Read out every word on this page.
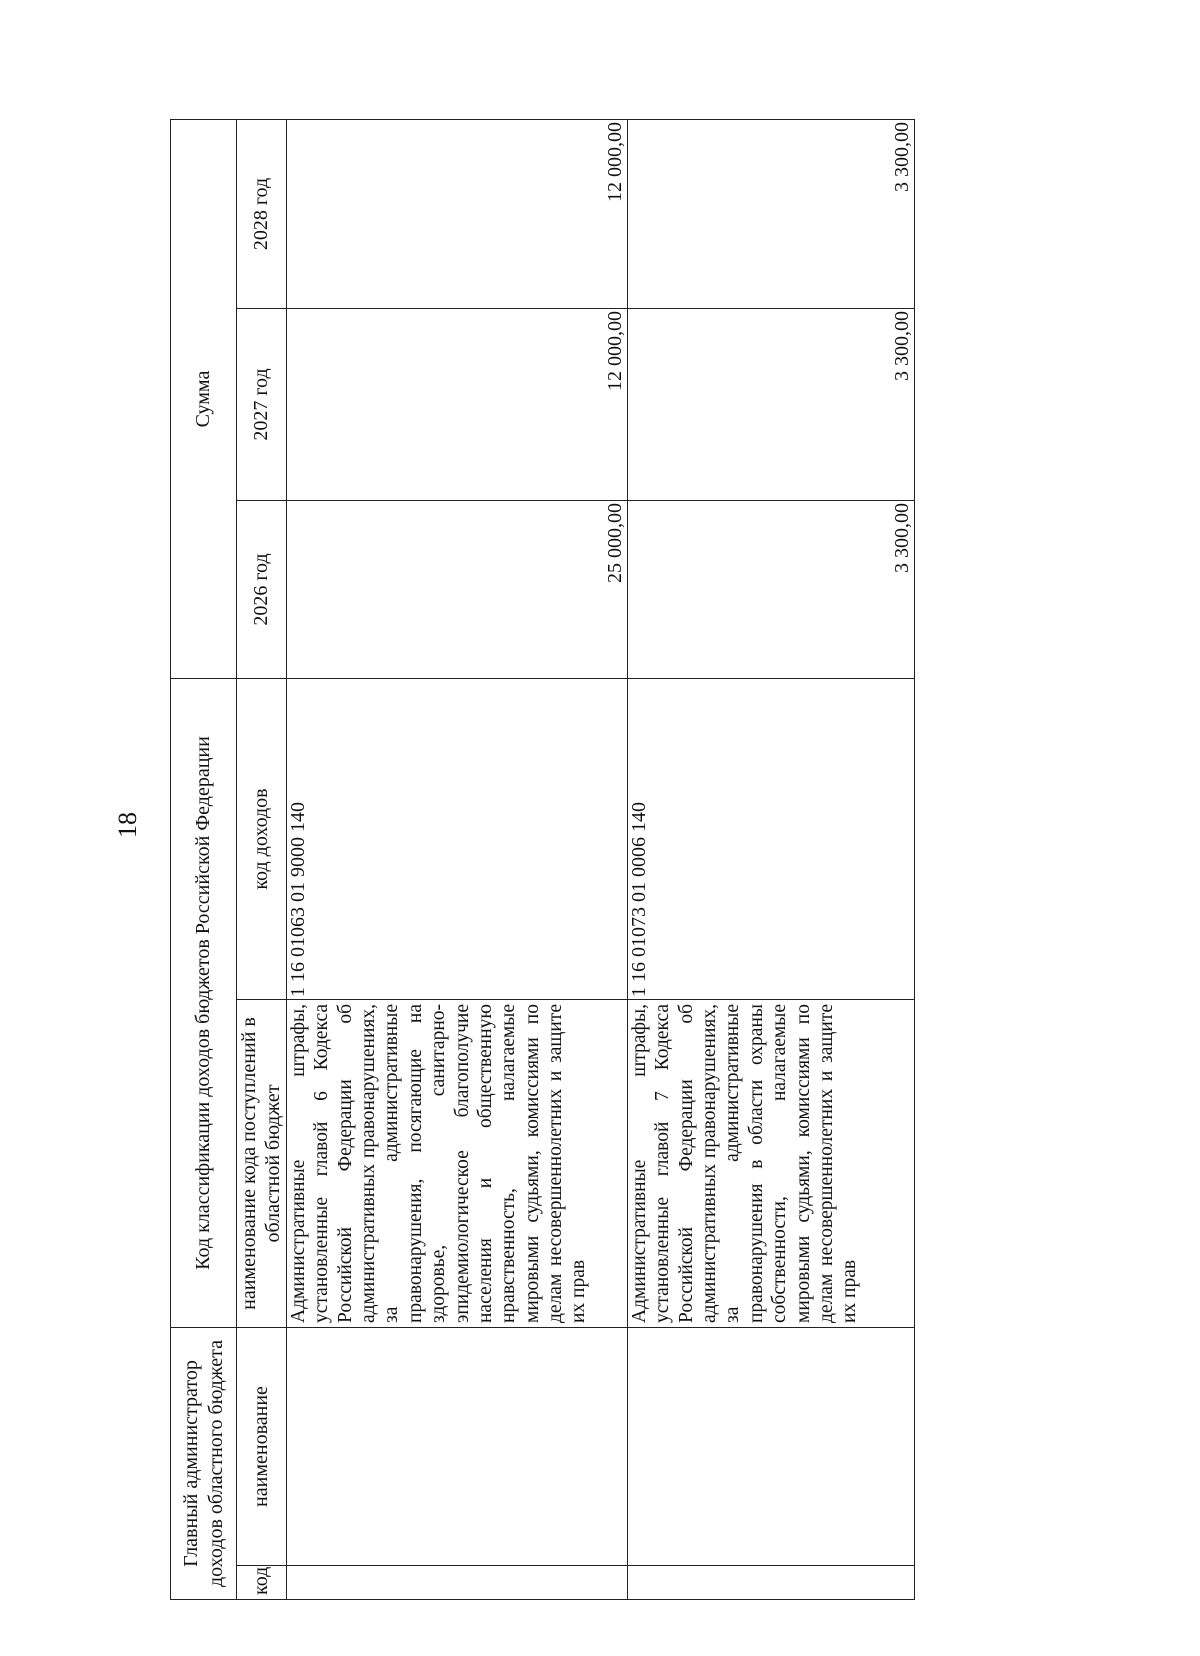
18
Главный администратор доходов областного бюджета		Код классификации доходов бюджетов Российской Федерации		Сумма		
код	наименование	наименование кода поступлений в областной бюджет	код доходов	2026 год	2027 год	2028 год
		Административные штрафы, установленные главой 6 Кодекса Российской Федерации об административных правонарушениях, за административные правонарушения, посягающие на здоровье, санитарно-эпидемиологическое благополучие населения и общественную нравственность, налагаемые мировыми судьями, комиссиями по делам несовершеннолетних и защите их прав	1 16 01063 01 9000 140	25 000,00	12 000,00	12 000,00
		Административные штрафы, установленные главой 7 Кодекса Российской Федерации об административных правонарушениях, за административные правонарушения в области охраны собственности, налагаемые мировыми судьями, комиссиями по делам несовершеннолетних и защите их прав	1 16 01073 01 0006 140	3 300,00	3 300,00	3 300,00
